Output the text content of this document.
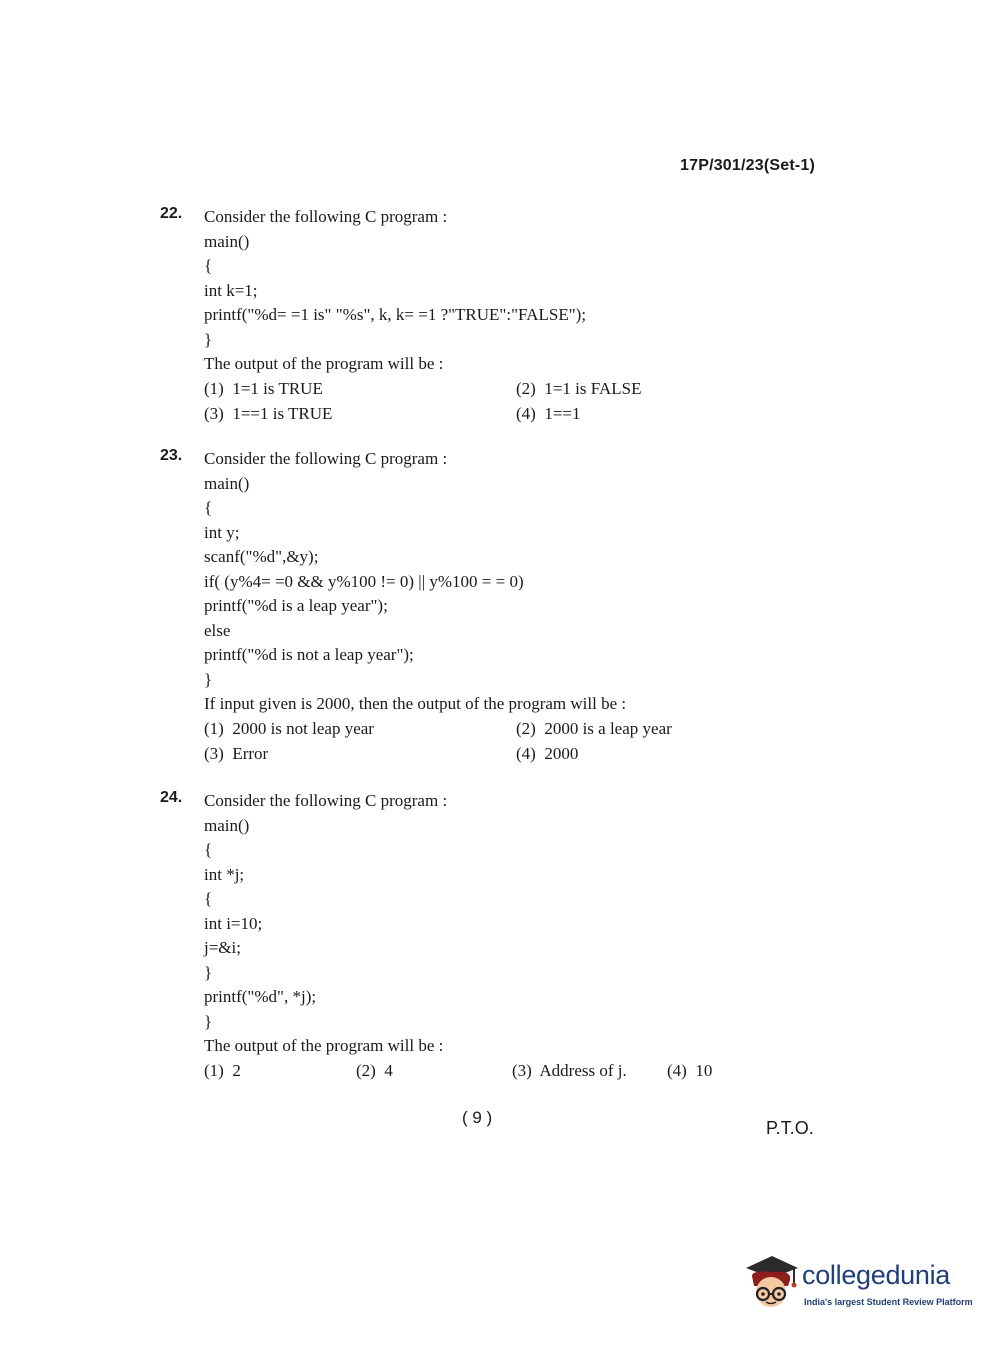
17P/301/23(Set-1)
22. Consider the following C program :
main()
{
int k=1;
printf("%d= =1 is" "%s", k, k= =1 ?"TRUE":"FALSE");
}
The output of the program will be :
(1) 1=1 is TRUE	(2) 1=1 is FALSE
(3) 1==1 is TRUE	(4) 1==1
23. Consider the following C program :
main()
{
int y;
scanf("%d",&y);
if( (y%4= =0 && y%100 != 0) || y%100 = = 0)
printf("%d is a leap year");
else
printf("%d is not a leap year");
}
If input given is 2000, then the output of the program will be :
(1) 2000 is not leap year	(2) 2000 is a leap year
(3) Error	(4) 2000
24. Consider the following C program :
main()
{
int *j;
{
int i=10;
j=&i;
}
printf("%d", *j);
}
The output of the program will be :
(1) 2	(2) 4	(3) Address of j. (4) 10
( 9 )
P.T.O.
collegedunia
India's largest Student Review Platform
